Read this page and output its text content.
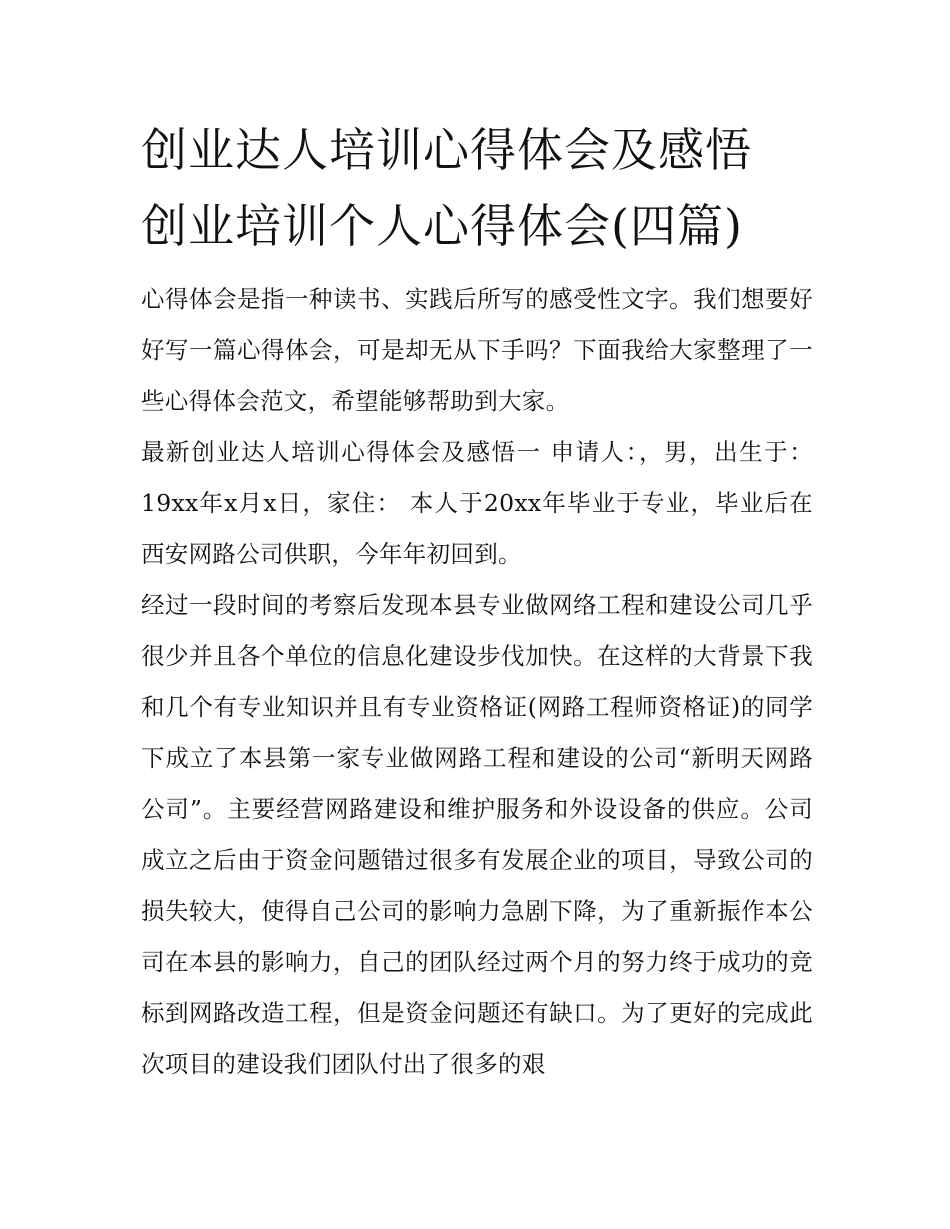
创业达人培训心得体会及感悟
创业培训个人心得体会(四篇)

心得体会是指一种读书、实践后所写的感受性文字。我们想要好好写一篇心得体会，可是却无从下手吗？下面我给大家整理了一些心得体会范文，希望能够帮助到大家。

最新创业达人培训心得体会及感悟一 申请人：，男，出生于：19xx年x月x日，家住： 本人于20xx年毕业于专业，毕业后在西安网路公司供职，今年年初回到。

经过一段时间的考察后发现本县专业做网络工程和建设公司几乎很少并且各个单位的信息化建设步伐加快。在这样的大背景下我和几个有专业知识并且有专业资格证(网路工程师资格证)的同学下成立了本县第一家专业做网路工程和建设的公司“新明天网路公司”。主要经营网路建设和维护服务和外设设备的供应。公司成立之后由于资金问题错过很多有发展企业的项目，导致公司的损失较大，使得自己公司的影响力急剧下降，为了重新振作本公司在本县的影响力，自己的团队经过两个月的努力终于成功的竞标到网路改造工程，但是资金问题还有缺口。为了更好的完成此次项目的建设我们团队付出了很多的艰
